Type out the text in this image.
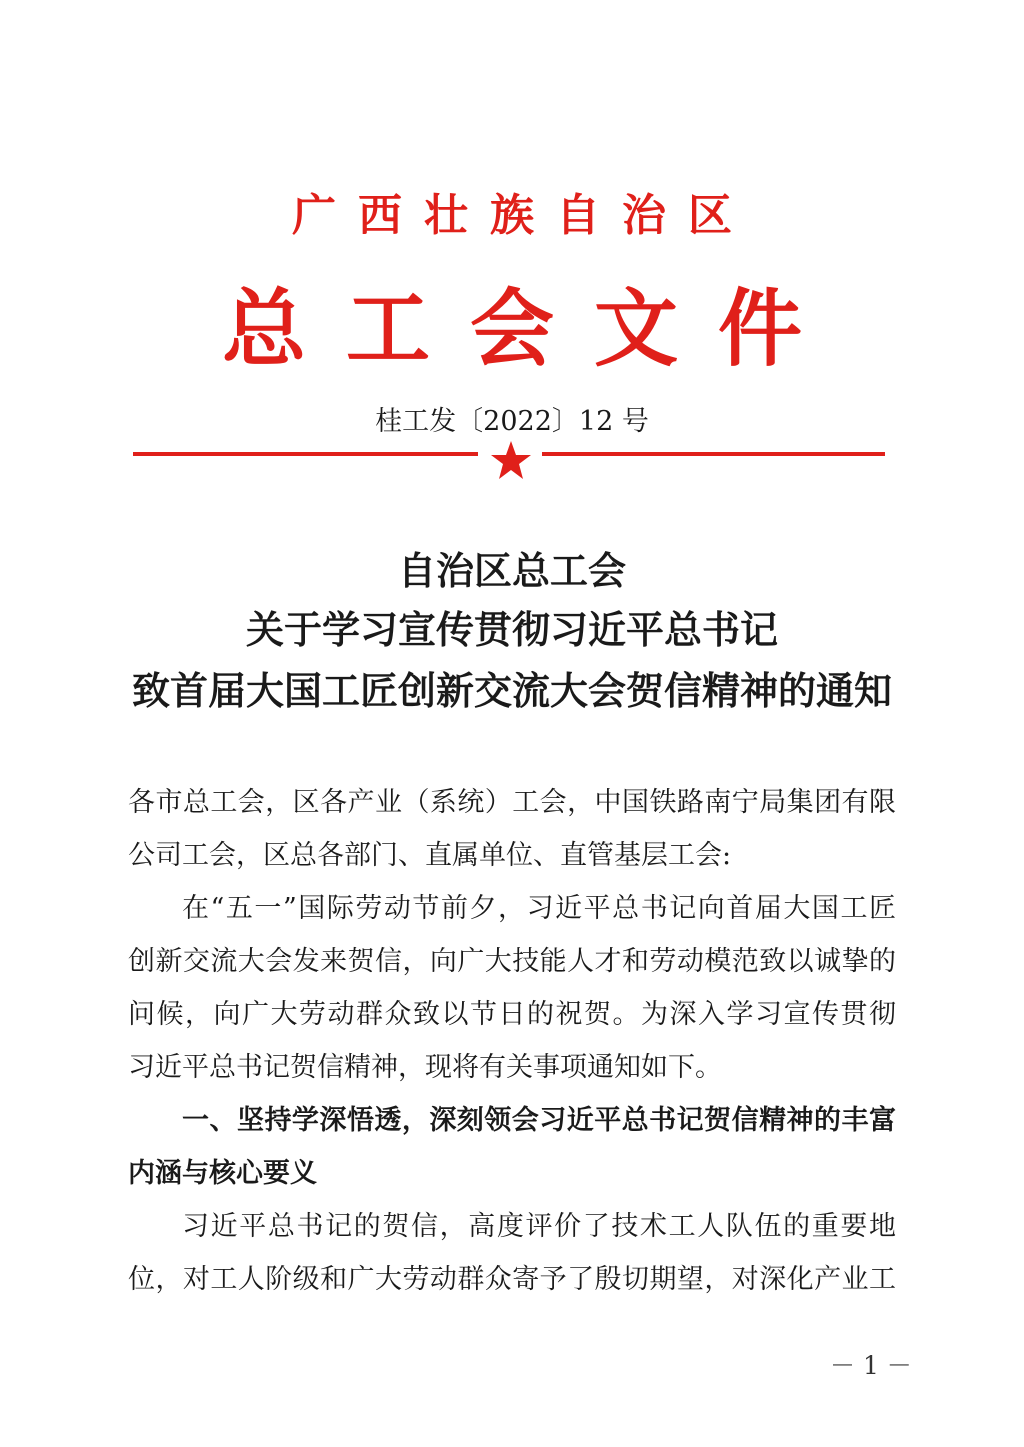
广西壮族自治区
总工会文件
桂工发〔2022〕12 号
自治区总工会
关于学习宣传贯彻习近平总书记
致首届大国工匠创新交流大会贺信精神的通知
各市总工会，区各产业（系统）工会，中国铁路南宁局集团有限
公司工会，区总各部门、直属单位、直管基层工会:
在“五一”国际劳动节前夕，习近平总书记向首届大国工匠
创新交流大会发来贺信，向广大技能人才和劳动模范致以诚挚的
问候，向广大劳动群众致以节日的祝贺。为深入学习宣传贯彻
习近平总书记贺信精神，现将有关事项通知如下。
一、坚持学深悟透，深刻领会习近平总书记贺信精神的丰富
内涵与核心要义
习近平总书记的贺信，高度评价了技术工人队伍的重要地
位，对工人阶级和广大劳动群众寄予了殷切期望，对深化产业工
－ 1 －
